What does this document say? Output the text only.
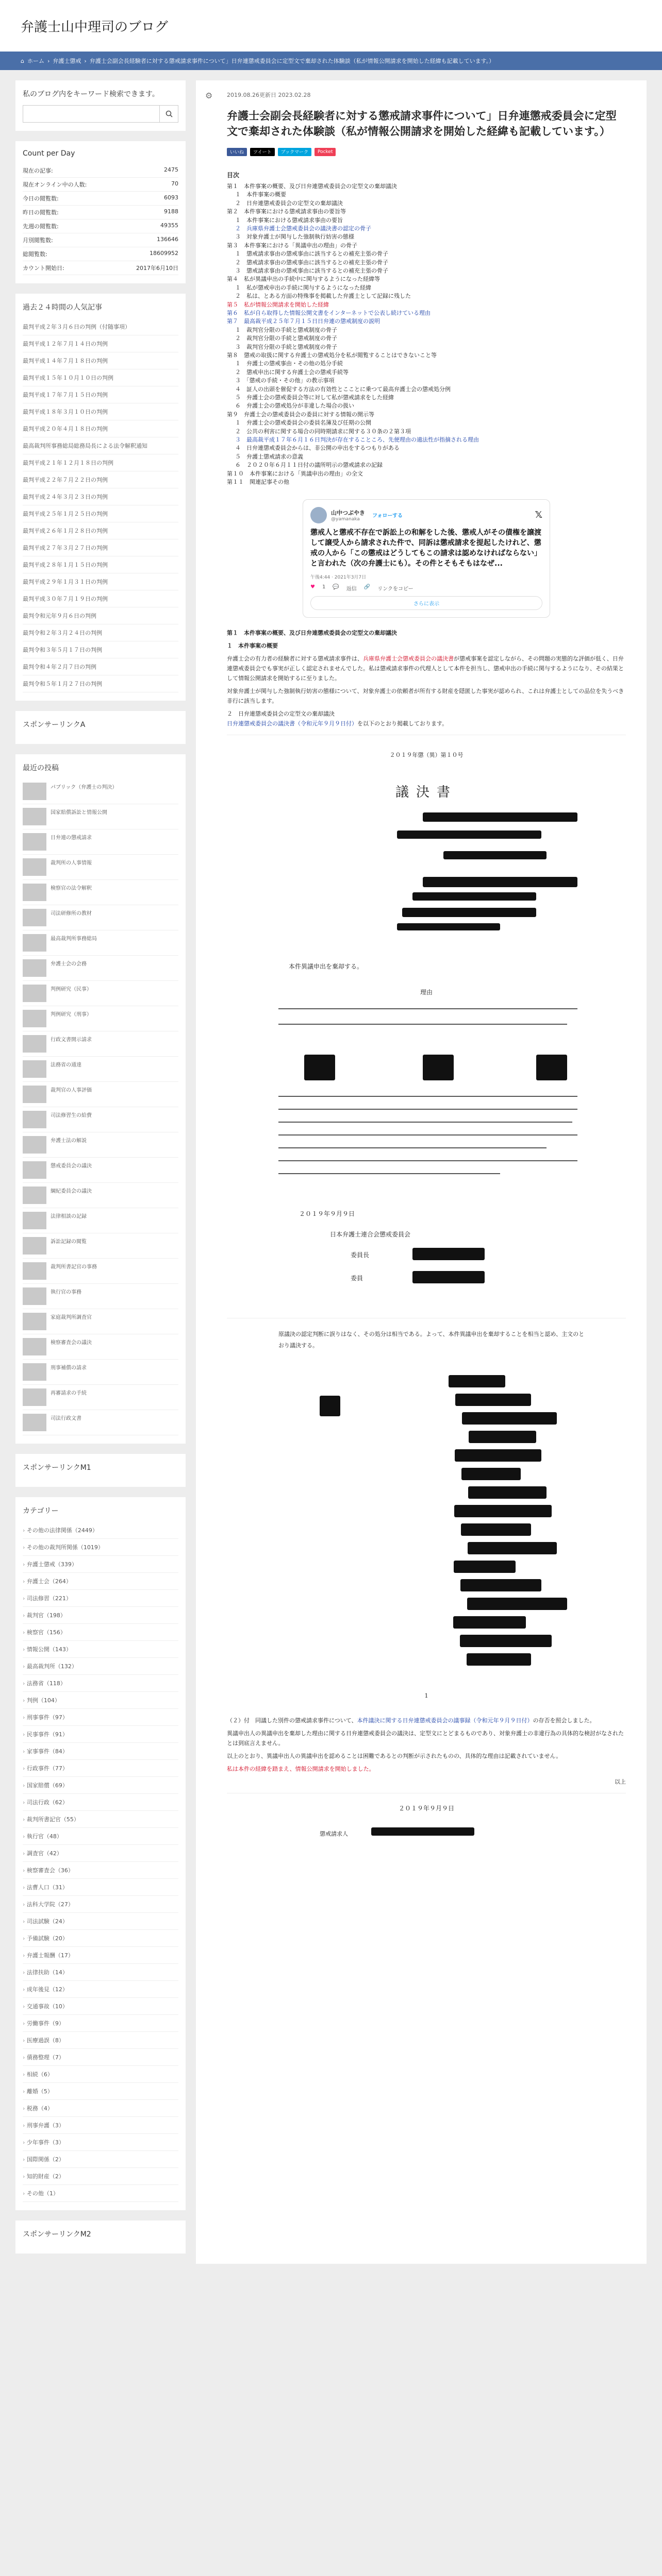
弁護士山中理司のブログ
⌂ ホーム › 弁護士懲戒 › 弁護士会副会長経験者に対する懲戒請求事件について」日弁連懲戒委員会に定型文で棄却された体験談（私が情報公開請求を開始した経緯も記載しています。）
私のブログ内をキーワード検索できます。
Count per Day
現在の記事:	2475
現在オンライン中の人数:	70
今日の閲覧数:	6093
昨日の閲覧数:	9188
先週の閲覧数:	49355
月別閲覧数:	136646
総閲覧数:	18609952
カウント開始日:	2017年6月10日
過去２４時間の人気記事
最判平成２年３月６日の判例（付随事項）
最判平成１２年７月１４日の判例
最判平成１４年７月１８日の判例
最判平成１５年１０月１０日の判例
最判平成１７年７月１５日の判例
最判平成１８年３月１０日の判例
最判平成２０年４月１８日の判例
最高裁判所事務総局総務局長による法令解釈通知
最判平成２１年１２月１８日の判例
最判平成２２年７月２２日の判例
最判平成２４年３月２３日の判例
最判平成２５年１月２５日の判例
最判平成２６年１月２８日の判例
最判平成２７年３月２７日の判例
最判平成２８年１月１５日の判例
最判平成２９年１月３１日の判例
最判平成３０年７月１９日の判例
最判令和元年９月６日の判例
最判令和２年３月２４日の判例
最判令和３年５月１７日の判例
最判令和４年２月７日の判例
最判令和５年１月２７日の判例
スポンサーリンクA
最近の投稿
パブリック（弁護士の判決）
国家賠償訴訟と情報公開
日弁連の懲戒請求
裁判所の人事情報
検察官の法令解釈
司法研修所の教材
最高裁判所事務総局
弁護士会の会務
判例研究（民事）
判例研究（刑事）
行政文書開示請求
法務省の通達
裁判官の人事評価
司法修習生の給費
弁護士法の解説
懲戒委員会の議決
綱紀委員会の議決
法律相談の記録
訴訟記録の閲覧
裁判所書記官の事務
執行官の事務
家庭裁判所調査官
検察審査会の議決
刑事補償の請求
再審請求の手続
司法行政文書
スポンサーリンクM1
カテゴリー
› その他の法律関係（2449）
› その他の裁判所関係（1019）
› 弁護士懲戒（339）
› 弁護士会（264）
› 司法修習（221）
› 裁判官（198）
› 検察官（156）
› 情報公開（143）
› 最高裁判所（132）
› 法務省（118）
› 判例（104）
› 刑事事件（97）
› 民事事件（91）
› 家事事件（84）
› 行政事件（77）
› 国家賠償（69）
› 司法行政（62）
› 裁判所書記官（55）
› 執行官（48）
› 調査官（42）
› 検察審査会（36）
› 法曹人口（31）
› 法科大学院（27）
› 司法試験（24）
› 予備試験（20）
› 弁護士報酬（17）
› 法律扶助（14）
› 成年後見（12）
› 交通事故（10）
› 労働事件（9）
› 医療過誤（8）
› 債務整理（7）
› 相続（6）
› 離婚（5）
› 税務（4）
› 刑事弁護（3）
› 少年事件（3）
› 国際関係（2）
› 知的財産（2）
› その他（1）
スポンサーリンクM2
⚙	2019.08.26更新日 2023.02.28
弁護士会副会長経験者に対する懲戒請求事件について」日弁連懲戒委員会に定型文で棄却された体験談（私が情報公開請求を開始した経緯も記載しています。）
いいね	ツイート	ブックマーク	Pocket
目次
第１　本件事案の概要、及び日弁連懲戒委員会の定型文の棄却議決
１　本件事案の概要
２　日弁連懲戒委員会の定型文の棄却議決
第２　本件事案における懲戒請求事由の要旨等
１　本件事案における懲戒請求事由の要旨
２　兵庫県弁護士会懲戒委員会の議決書の認定の骨子
３　対象弁護士が関与した強制執行妨害の態様
第３　本件事案における「異議申出の理由」の骨子
１　懲戒請求事由の懲戒事由に該当するとの補充主張の骨子
２　懲戒請求事由の懲戒事由に該当するとの補充主張の骨子
３　懲戒請求事由の懲戒事由に該当するとの補充主張の骨子
第４　私が異議申出の手続中に関与するようになった経緯等
１　私が懲戒申出の手続に関与するようになった経緯
２　私は、とある方面の特殊事を掲載した弁護士として記録に残した
第５　私が情報公開請求を開始した経緯
第６　私が自ら取得した情報公開文書をインターネットで公表し続けている理由
第７　最高裁平成２５年７月１５日日弁連の懲戒制度の説明
１　裁判官分限の手続と懲戒制度の骨子
２　裁判官分限の手続と懲戒制度の骨子
３　裁判官分限の手続と懲戒制度の骨子
第８　懲戒の取扱に関する弁護士の懲戒処分を私が閲覧することはできないこと等
１　弁護士の懲戒事由・その他の処分手続
２　懲戒申出に関する弁護士会の懲戒手続等
３　「懲戒の手続・その他」の教示事項
４　証人の出頭を催促する方法の有効性とこことに乗つて最高弁護士会の懲戒処分例
５　弁護士会の懲戒委員会等に対して私が懲戒請求をした経緯
６　弁護士会の懲戒処分が非違した場合の扱い
第９　弁護士会の懲戒委員会の委員に対する情報の開示等
１　弁護士会の懲戒委員会の委員名簿及び任期の公開
２　公共の利害に関する場合の同時期請求に関する３０条の２第３項
３　最高裁平成１７年６月１６日判決が存在することころ、先便理由の適法性が指摘される理由
４　日弁連懲戒委員会からは、非公開の申出をするつもりがある
５　弁護士懲戒請求の意義
６　２０２０年６月１１日付の議所明示の懲戒請求の記録
第１０　本件事案における「異議申出の理由」の全文
第１１　関連記事その他
山中つぶやき
@yamanaka
フォローする	𝕏
懲戒人と懲戒不存在で訴訟上の和解をした後、懲戒人がその債権を譲渡して譲受人から請求された件で、同訴は懲戒請求を提起したけれど、懲戒の人から「この懲戒はどうしてもこの請求は認めなければならない」と言われた（次の弁護士にも）。その件とそもそもはなぜ...
午後4:44 · 2021年3月7日
♥ 1 💬 返信 🔗 リンクをコピー
さらに表示

第１　本件事案の概要、及び日弁連懲戒委員会の定型文の棄却議決

１　本件事案の概要

弁護士会の有力者の経験者に対する懲戒請求事件は、兵庫県弁護士会懲戒委員会の議決書が懲戒事案を認定しながら、その問題の実態的な評価が低く、日弁連懲戒委員会でも事実が正しく認定されませんでした。私は懲戒請求事件の代理人として本件を担当し、懲戒申出の手続に関与するようになり、その結果として情報公開請求を開始するに至りました。

対象弁護士が関与した強制執行妨害の態様について、対象弁護士の依頼者が所有する財産を隠匿した事実が認められ、これは弁護士としての品位を失うべき非行に該当します。

２　日弁連懲戒委員会の定型文の棄却議決
日弁連懲戒委員会の議決書（令和元年９月９日付）を以下のとおり掲載しております。

２０１９年懲（異）第１０号
議決書
本件異議申出を棄却する。
理由
２０１９年９月９日
日本弁護士連合会懲戒委員会
委員長
委員
原議決の認定判断に誤りはなく、その処分は相当である。よって、本件異議申出を棄却することを相当と認め、主文のとおり議決する。
1

（２）付　同議した別件の懲戒請求事件について、本件議決に関する日弁連懲戒委員会の議事録（令和元年９月９日付）の存否を照会しました。

異議申出人の異議申出を棄却した理由に関する日弁連懲戒委員会の議決は、定型文にとどまるものであり、対象弁護士の非違行為の具体的な検討がなされたとは到底言えません。

以上のとおり、異議申出人の異議申出を認めることは困難であるとの判断が示されたものの、具体的な理由は記載されていません。

私は本件の経緯を踏まえ、情報公開請求を開始しました。

以上

２０１９年９月９日
懲戒請求人
